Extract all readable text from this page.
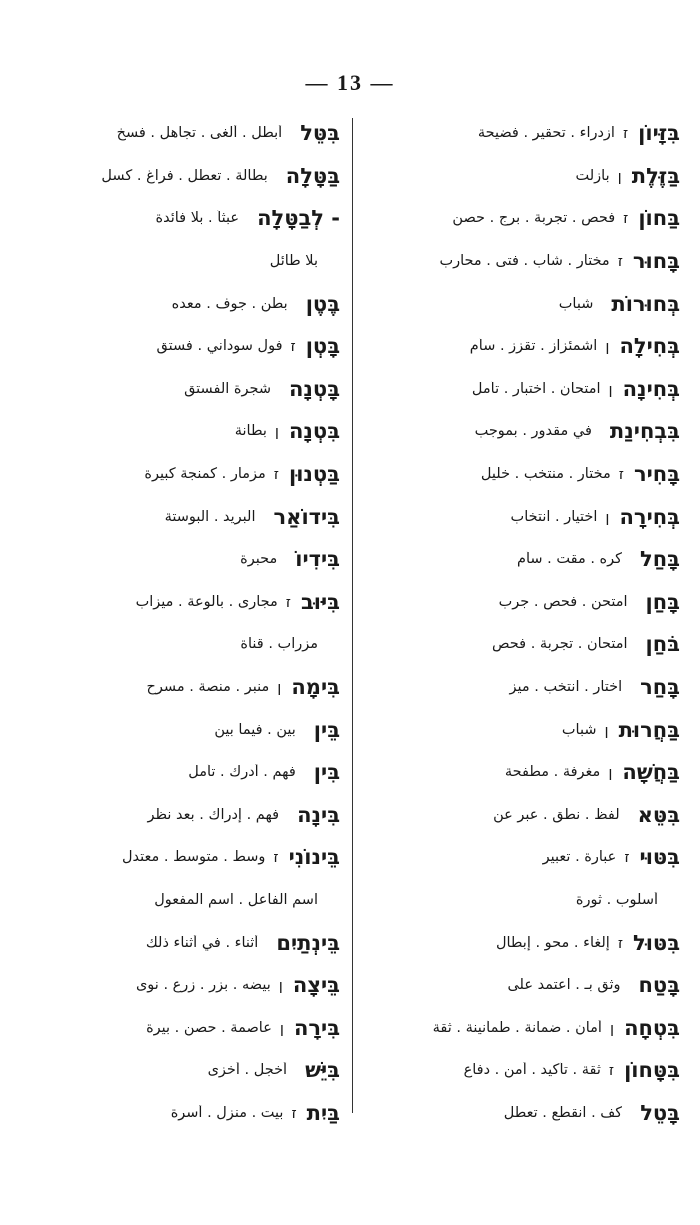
— 13 —
בִּזָּיוֹן
ז
ازدراء . تحقير . فضيحة
בַּזֶּלֶת
ן
بازلت
בַּחוֹן
ז
فحص . تجربة . برج . حصن
בָּחוּר
ז
مختار . شاب . فتى . محارب
בְּחוּרוֹת
شباب
בְּחִילָה
ן
اشمئزاز . تقزز . سأم
בְּחִינָה
ן
امتحان . اختبار . تأمل
בִּבְחִינַת
في مقدور . بموجب
בָּחִיר
ז
مختار . منتخب . خليل
בְּחִירָה
ן
اختيار . انتخاب
בָּחַל
كره . مقت . سأم
בָּחַן
امتحن . فحص . جرب
בֹּחַן
امتحان . تجربة . فحص
בָּחַר
اختار . انتخب . ميز
בַּחֲרוּת
ן
شباب
בַּחֲשָׁה
ן
مغرفة . مطفحة
בִּטֵּא
لفظ . نطق . عبر عن
בִּטּוּי
ז
عبارة . تعبير
أسلوب . ثورة
בִּטּוּל
ז
إلغاء . محو . إبطال
בָּטַח
وثق بـ . اعتمد على
בִּטְחָה
ן
أمان . ضمانة . طمأنينة . ثقة
בִּטָּחוֹן
ז
ثقة . تأكيد . أمن . دفاع
בָּטֵל
كف . انقطع . تعطل
בִּטֵּל
أبطل . ألغى . تجاهل . فسخ
בַּטָּלָה
بطالة . تعطل . فراغ . كسل
- לְבַטָּלָה
عبثاً . بلا فائدة
بلا طائل
בֶּטֶן
بطن . جوف . معده
בָּטְן
ז
فول سوداني . فستق
בָּטְנָה
شجرة الفستق
בִּטְנָה
ן
بطانة
בַּטְנוּן
ז
مزمار . كمنجة كبيرة
בִּידוֹאַר
البريد . البوستة
בִּידִיוֹ
محبرة
בִּיּוּב
ז
مجارى . بالوعة . ميزاب
مزراب . قناة
בִּימָה
ן
منبر . منصة . مسرح
בֵּין
بين . فيما بين
בִּין
فهم . أدرك . تأمل
בִּינָה
فهم . إدراك . بعد نظر
בֵּינוֹנִי
ז
وسط . متوسط . معتدل
اسم الفاعل . اسم المفعول
בֵּינְתַיִם
أثناء . في أثناء ذلك
בֵּיצָה
ן
بيضه . بزر . زرع . نوى
בִּירָה
ן
عاصمة . حصن . بيرة
בִּיֵּשׁ
أخجل . أخزى
בַּיִת
ז
بيت . منزل . أسرة
